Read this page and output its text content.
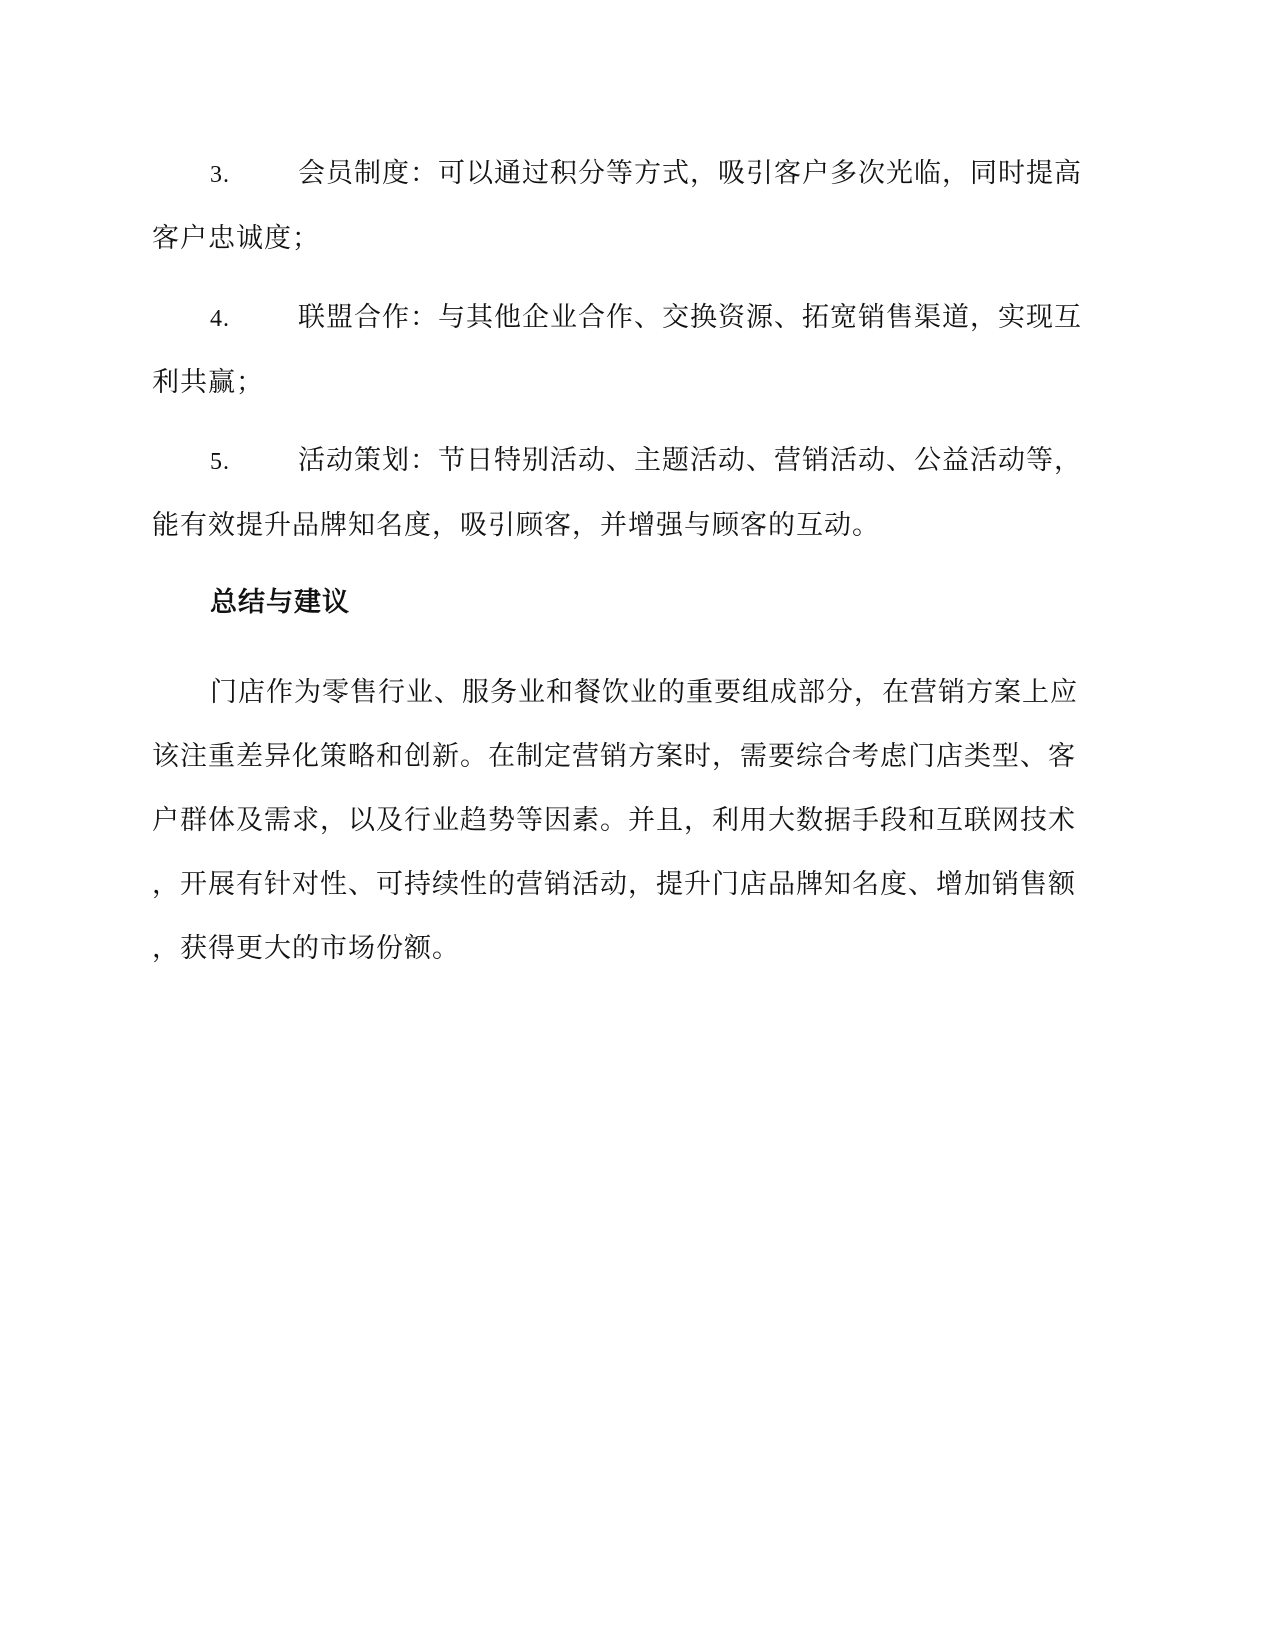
3.	会员制度：可以通过积分等方式，吸引客户多次光临，同时提高
客户忠诚度；
4.	联盟合作：与其他企业合作、交换资源、拓宽销售渠道，实现互
利共赢；
5.	活动策划：节日特别活动、主题活动、营销活动、公益活动等，
能有效提升品牌知名度，吸引顾客，并增强与顾客的互动。
总结与建议
门店作为零售行业、服务业和餐饮业的重要组成部分，在营销方案上应
该注重差异化策略和创新。在制定营销方案时，需要综合考虑门店类型、客
户群体及需求，以及行业趋势等因素。并且，利用大数据手段和互联网技术
，开展有针对性、可持续性的营销活动，提升门店品牌知名度、增加销售额
，获得更大的市场份额。
